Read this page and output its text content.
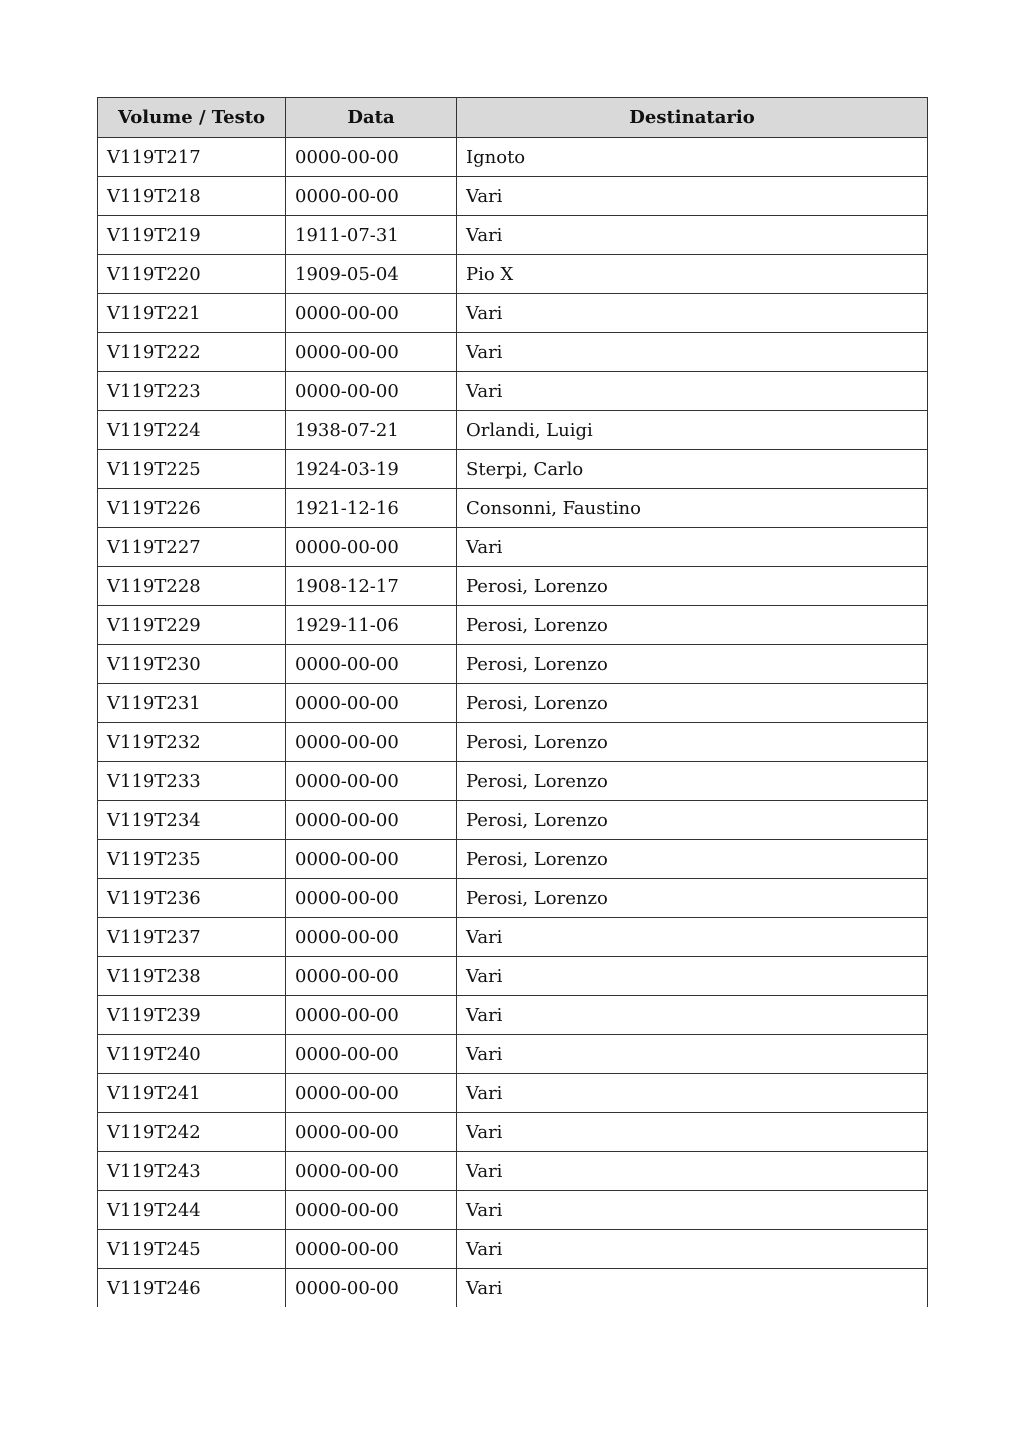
Volume / Testo	Data	Destinatario
V119T217	0000-00-00	Ignoto
V119T218	0000-00-00	Vari
V119T219	1911-07-31	Vari
V119T220	1909-05-04	Pio X
V119T221	0000-00-00	Vari
V119T222	0000-00-00	Vari
V119T223	0000-00-00	Vari
V119T224	1938-07-21	Orlandi, Luigi
V119T225	1924-03-19	Sterpi, Carlo
V119T226	1921-12-16	Consonni, Faustino
V119T227	0000-00-00	Vari
V119T228	1908-12-17	Perosi, Lorenzo
V119T229	1929-11-06	Perosi, Lorenzo
V119T230	0000-00-00	Perosi, Lorenzo
V119T231	0000-00-00	Perosi, Lorenzo
V119T232	0000-00-00	Perosi, Lorenzo
V119T233	0000-00-00	Perosi, Lorenzo
V119T234	0000-00-00	Perosi, Lorenzo
V119T235	0000-00-00	Perosi, Lorenzo
V119T236	0000-00-00	Perosi, Lorenzo
V119T237	0000-00-00	Vari
V119T238	0000-00-00	Vari
V119T239	0000-00-00	Vari
V119T240	0000-00-00	Vari
V119T241	0000-00-00	Vari
V119T242	0000-00-00	Vari
V119T243	0000-00-00	Vari
V119T244	0000-00-00	Vari
V119T245	0000-00-00	Vari
V119T246	0000-00-00	Vari
